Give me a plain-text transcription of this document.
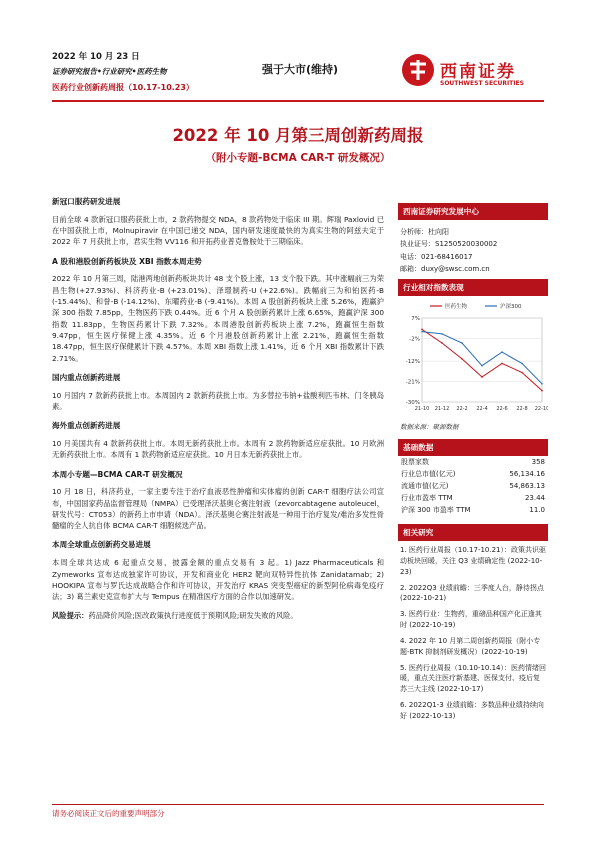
2022 年 10 月 23 日
证券研究报告•行业研究•医药生物
医药行业创新药周报（10.17-10.23）
强于大市(维持)	西南证券
SOUTHWEST SECURITIES
2022 年 10 月第三周创新药周报
（附小专题-BCMA CAR-T 研发概况）
新冠口服药研发进展

目前全球 4 款新冠口服药获批上市，2 款药物提交 NDA，8 款药物处于临床 III 期。辉瑞 Paxlovid 已在中国获批上市，Molnupiravir 在中国已递交 NDA，国内研发速度最快的为真实生物的阿兹夫定于 2022 年 7 月获批上市，君实生物 VV116 和开拓药业普克鲁胺处于三期临床。

A 股和港股创新药板块及 XBI 指数本周走势

2022 年 10 月第三周，陆港两地创新药板块共计 48 支个股上涨，13 支个股下跌。其中涨幅前三为荣昌生物(+27.93%)、科济药业-B (+23.01%)、泽璟制药-U (+22.6%)。跌幅前三为和铂医药-B (-15.44%)、和誉-B (-14.12%)、东曜药业-B (-9.41%)。本周 A 股创新药板块上涨 5.26%，跑赢沪深 300 指数 7.85pp，生物医药下跌 0.44%。近 6 个月 A 股创新药累计上涨 6.65%，跑赢沪深 300 指数 11.83pp，生物医药累计下跌 7.32%。本周港股创新药板块上涨 7.2%，跑赢恒生指数 9.47pp，恒生医疗保健上涨 4.35%。近 6 个月港股创新药累计上涨 2.21%，跑赢恒生指数 18.47pp，恒生医疗保健累计下跌 4.57%。本周 XBI 指数上涨 1.41%，近 6 个月 XBI 指数累计下跌 2.71%。

国内重点创新药进展

10 月国内 7 款新药获批上市。本周国内 2 款新药获批上市。为多替拉韦钠+盐酸利匹韦林、门冬胰岛素。

海外重点创新药进展

10 月美国共有 4 款新药获批上市。本周无新药获批上市。本周有 2 款药物新适应症获批。10 月欧洲无新药获批上市。本周有 1 款药物新适应症获批。10 月日本无新药获批上市。

本周小专题—BCMA CAR-T 研发概况

10 月 18 日，科济药业，一家主要专注于治疗血液恶性肿瘤和实体瘤的创新 CAR-T 细胞疗法公司宣布，中国国家药品监督管理局（NMPA）已受理泽沃基奥仑赛注射液（zevorcabtagene autoleucel，研发代号：CT053）的新药上市申请（NDA）。泽沃基奥仑赛注射液是一种用于治疗复发/难治多发性骨髓瘤的全人抗自体 BCMA CAR-T 细胞候选产品。

本周全球重点创新药交易进展

本周全球共达成 6 起重点交易，披露金额的重点交易有 3 起。1) Jazz Pharmaceuticals 和 Zymeworks 宣布达成独家许可协议，开发和商业化 HER2 靶向双特异性抗体 Zanidatamab；2) HOOKIPA 宣布与罗氏达成战略合作和许可协议，开发治疗 KRAS 突变型癌症的新型阿伦病毒免疫疗法；3) 葛兰素史克宣布扩大与 Tempus 在精准医疗方面的合作以加速研发。

风险提示：药品降价风险;医改政策执行进度低于预期风险;研发失败的风险。
西南证券研究发展中心
分析师：杜向阳
执业证号：S1250520030002
电话：021-68416017
邮箱：duxy@swsc.com.cn
行业相对指数表现
7%
-2%
-12%
-21%
-30%
21-10 21-12 22-2 22-4 22-6 22-8 22-10
医药生物	沪深300
数据来源：聚源数据
基础数据
股票家数	358
行业总市值(亿元)	56,134.16
流通市值(亿元)	54,863.13
行业市盈率 TTM	23.44
沪深 300 市盈率 TTM	11.0
相关研究
1. 医药行业周报（10.17-10.21）：政策共识驱动板块回暖，关注 Q3 业绩确定性 (2022-10-23)
2. 2022Q3 业绩前瞻：三季度人台，静待拐点 (2022-10-21)
3. 医药行业：生物药，重磅品种国产化正逢其时 (2022-10-19)
4. 2022 年 10 月第二周创新药周报（附小专题-BTK 抑制剂研发概况）(2022-10-19)
5. 医药行业周报（10.10-10.14）：医药情绪回暖，重点关注医疗新基建、医保支付、疫后复苏三大主线 (2022-10-17)
6. 2022Q1-3 业绩前瞻：多数品种业绩持续向好 (2022-10-13)
请务必阅读正文后的重要声明部分
